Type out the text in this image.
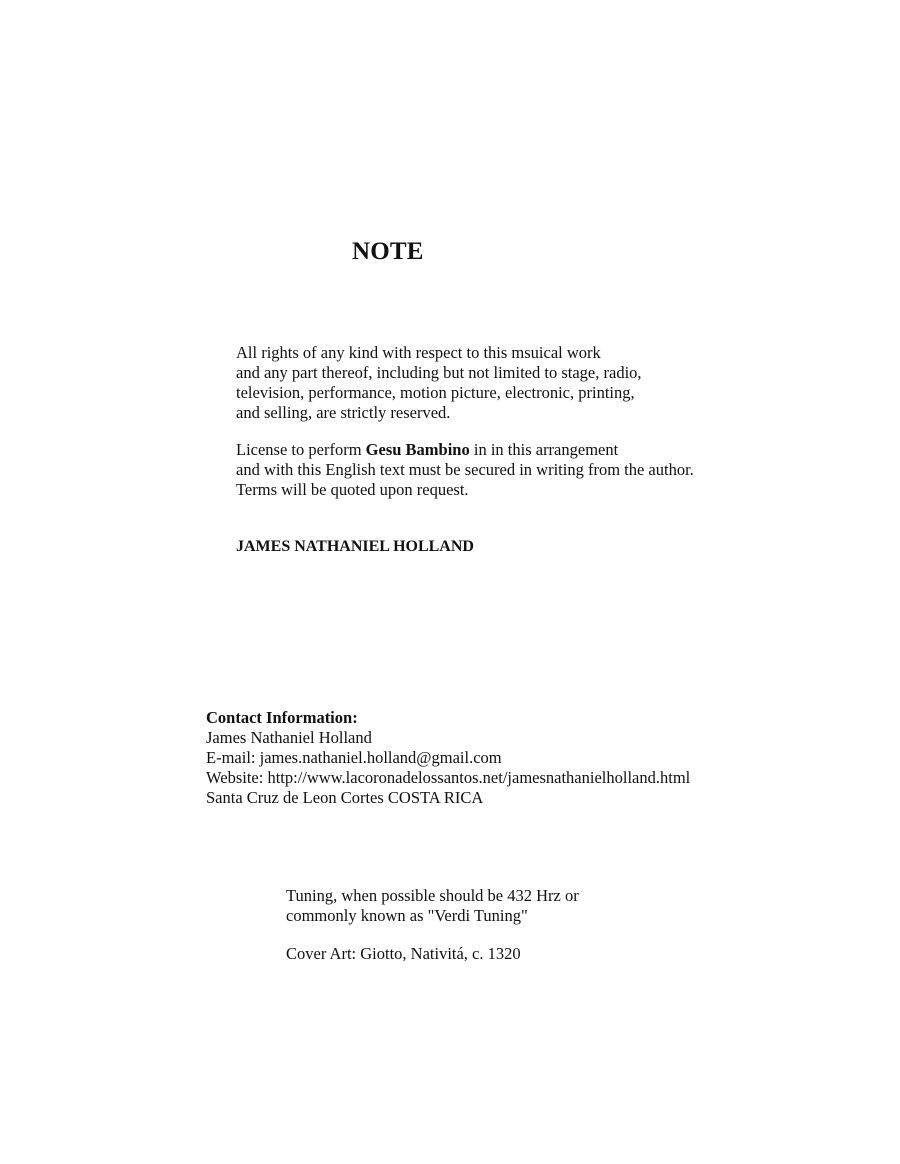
NOTE
All rights of any kind with respect to this msuical work
and any part thereof, including but not limited to stage, radio,
television, performance, motion picture, electronic, printing,
and selling, are strictly reserved.
License to perform Gesu Bambino in in this arrangement
and with this English text must be secured in writing from the author.
Terms will be quoted upon request.
JAMES NATHANIEL HOLLAND
Contact Information:
James Nathaniel Holland
E-mail: james.nathaniel.holland@gmail.com
Website: http://www.lacoronadelossantos.net/jamesnathanielholland.html
Santa Cruz de Leon Cortes COSTA RICA
Tuning, when possible should be 432 Hrz or
commonly known as "Verdi Tuning"
Cover Art: Giotto, Nativitá, c. 1320
